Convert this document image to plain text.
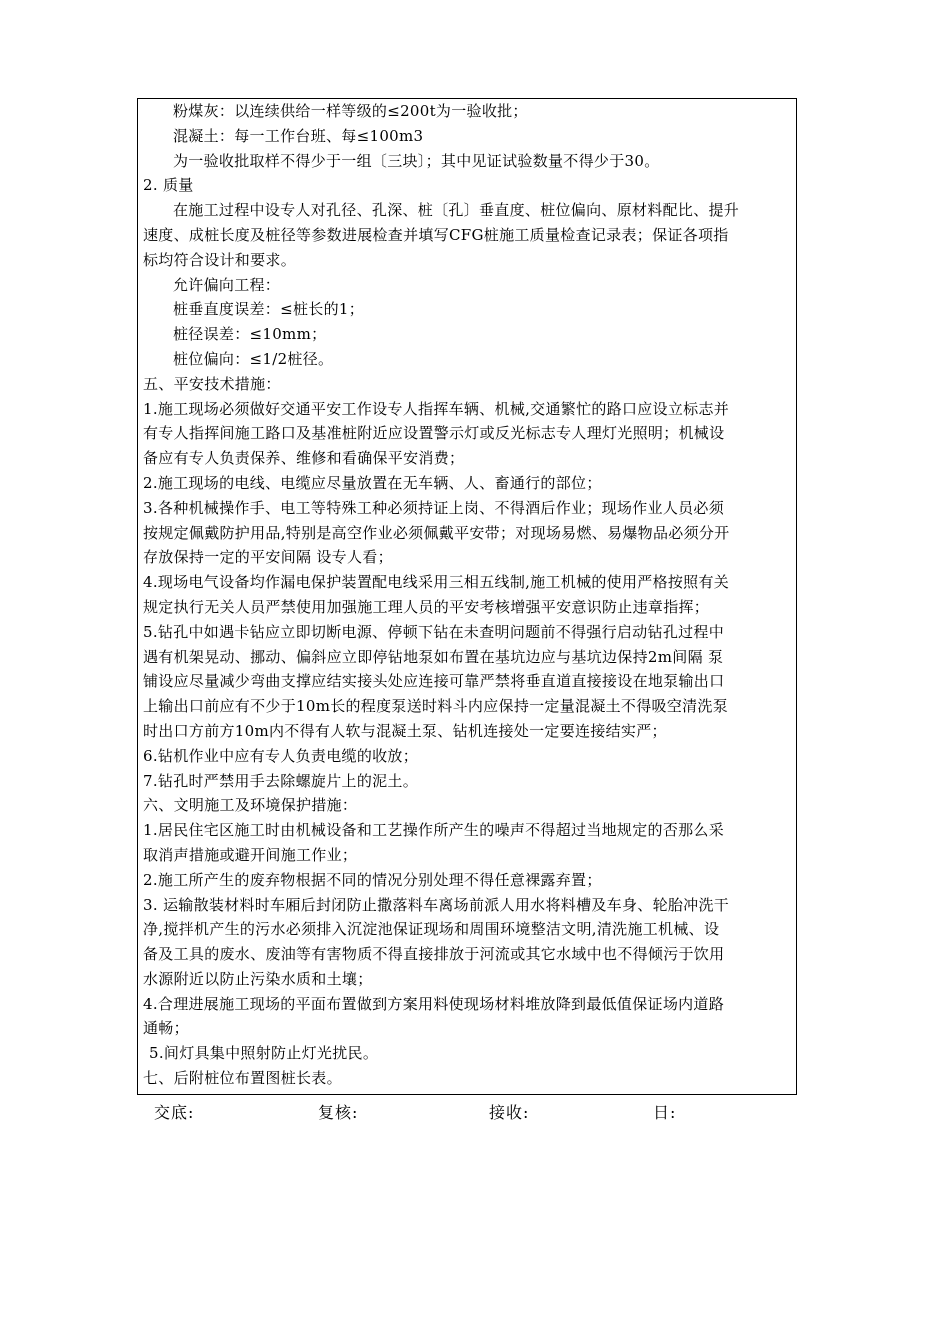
粉煤灰：以连续供给一样等级的≤200t为一验收批；
混凝土：每一工作台班、每≤100m3
为一验收批取样不得少于一组〔三块〕；其中见证试验数量不得少于30。
2. 质量
在施工过程中设专人对孔径、孔深、桩〔孔〕垂直度、桩位偏向、原材料配比、提升
速度、成桩长度及桩径等参数进展检查并填写CFG桩施工质量检查记录表；保证各项指
标均符合设计和要求。
允许偏向工程：
桩垂直度误差：≤桩长的1；
桩径误差：≤10mm；
桩位偏向：≤1/2桩径。
五、平安技术措施：
1.施工现场必须做好交通平安工作设专人指挥车辆、机械,交通繁忙的路口应设立标志并
有专人指挥间施工路口及基准桩附近应设置警示灯或反光标志专人理灯光照明；机械设
备应有专人负责保养、维修和看确保平安消费；
2.施工现场的电线、电缆应尽量放置在无车辆、人、畜通行的部位；
3.各种机械操作手、电工等特殊工种必须持证上岗、不得酒后作业；现场作业人员必须
按规定佩戴防护用品,特别是高空作业必须佩戴平安带；对现场易燃、易爆物品必须分开
存放保持一定的平安间隔 设专人看；
4.现场电气设备均作漏电保护装置配电线采用三相五线制,施工机械的使用严格按照有关
规定执行无关人员严禁使用加强施工理人员的平安考核增强平安意识防止违章指挥；
5.钻孔中如遇卡钻应立即切断电源、停顿下钻在未查明问题前不得强行启动钻孔过程中
遇有机架晃动、挪动、偏斜应立即停钻地泵如布置在基坑边应与基坑边保持2m间隔 泵
铺设应尽量减少弯曲支撑应结实接头处应连接可靠严禁将垂直道直接接设在地泵输出口
上输出口前应有不少于10m长的程度泵送时料斗内应保持一定量混凝土不得吸空清洗泵
时出口方前方10m内不得有人软与混凝土泵、钻机连接处一定要连接结实严；
6.钻机作业中应有专人负责电缆的收放；
7.钻孔时严禁用手去除螺旋片上的泥土。
六、文明施工及环境保护措施：
1.居民住宅区施工时由机械设备和工艺操作所产生的噪声不得超过当地规定的否那么采
取消声措施或避开间施工作业；
2.施工所产生的废弃物根据不同的情况分别处理不得任意裸露弃置；
3. 运输散装材料时车厢后封闭防止撒落料车离场前派人用水将料槽及车身、轮胎冲洗干
净,搅拌机产生的污水必须排入沉淀池保证现场和周围环境整洁文明,清洗施工机械、设
备及工具的废水、废油等有害物质不得直接排放于河流或其它水域中也不得倾污于饮用
水源附近以防止污染水质和土壤；
4.合理进展施工现场的平面布置做到方案用料使现场材料堆放降到最低值保证场内道路
通畅；
5.间灯具集中照射防止灯光扰民。
七、后附桩位布置图桩长表。
交底:	复核:	接收:	日:
